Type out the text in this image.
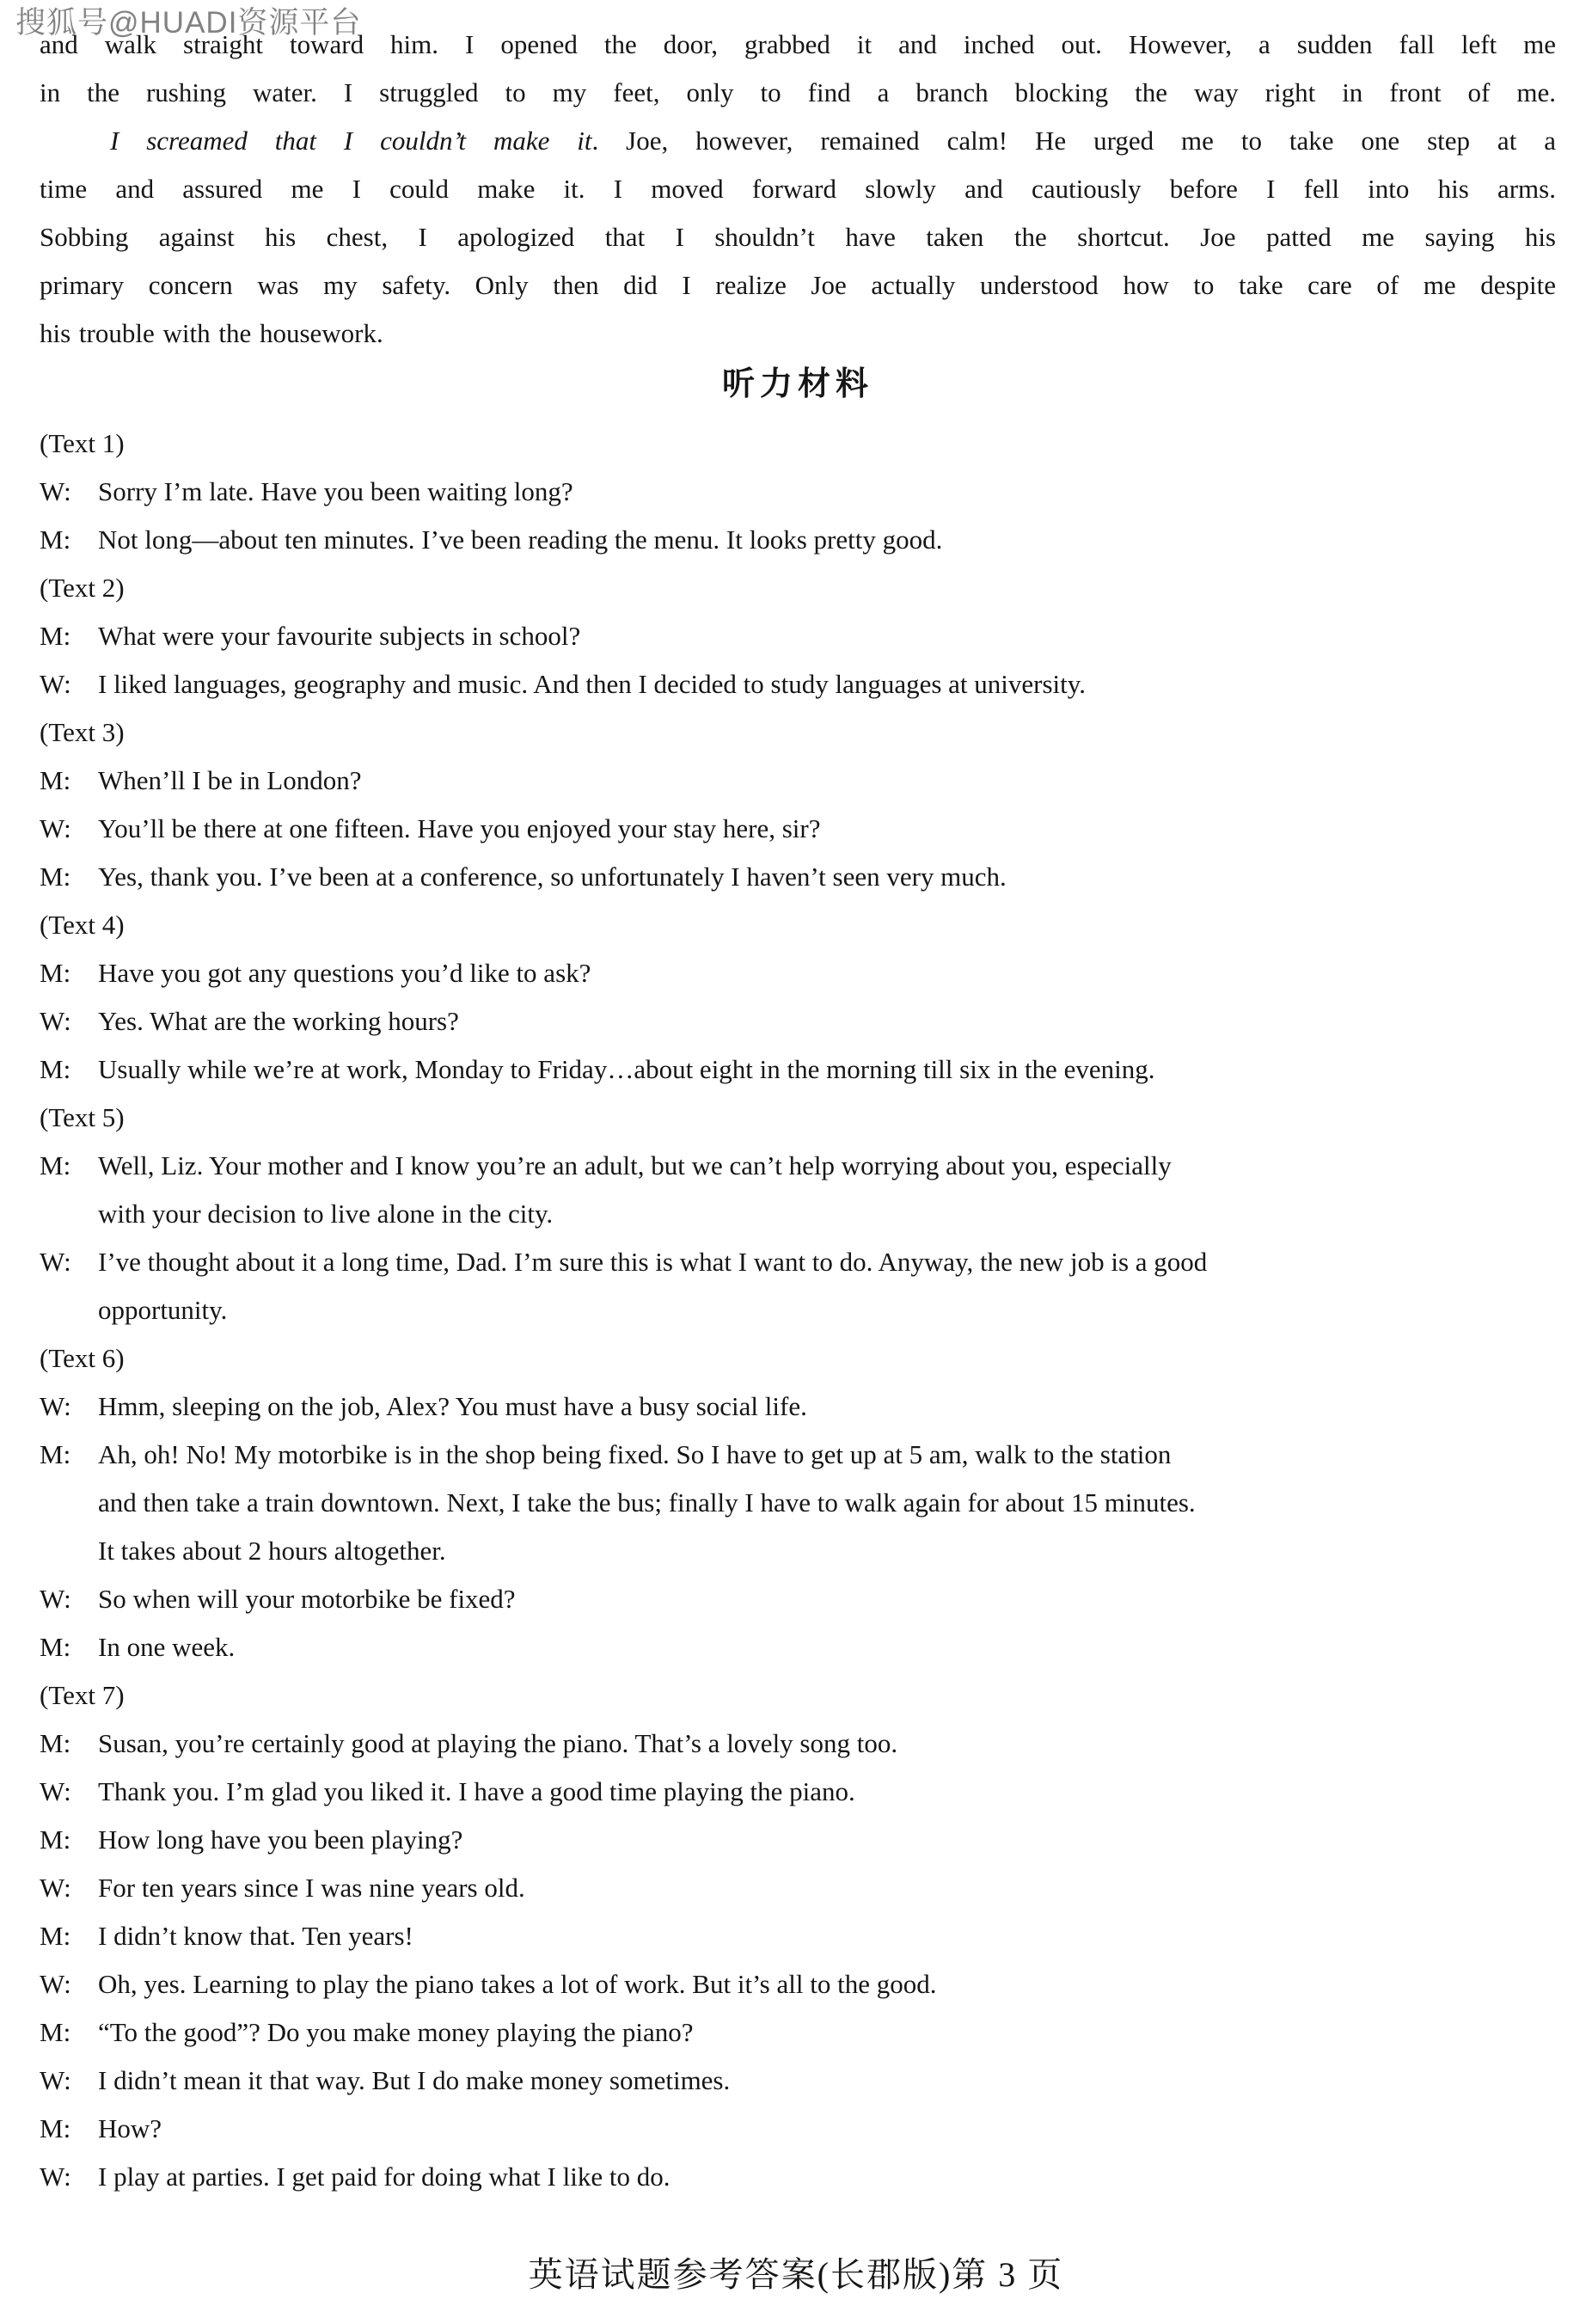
搜狐号@HUADI资源平台
and walk straight toward him. I opened the door, grabbed it and inched out. However, a sudden fall left me
in the rushing water. I struggled to my feet, only to find a branch blocking the way right in front of me.
I screamed that I couldn’t make it. Joe, however, remained calm! He urged me to take one step at a
time and assured me I could make it. I moved forward slowly and cautiously before I fell into his arms.
Sobbing against his chest, I apologized that I shouldn’t have taken the shortcut. Joe patted me saying his
primary concern was my safety. Only then did I realize Joe actually understood how to take care of me despite
his trouble with the housework.
听力材料
(Text 1)
W: Sorry I’m late. Have you been waiting long?
M: Not long—about ten minutes. I’ve been reading the menu. It looks pretty good.
(Text 2)
M: What were your favourite subjects in school?
W: I liked languages, geography and music. And then I decided to study languages at university.
(Text 3)
M: When’ll I be in London?
W: You’ll be there at one fifteen. Have you enjoyed your stay here, sir?
M: Yes, thank you. I’ve been at a conference, so unfortunately I haven’t seen very much.
(Text 4)
M: Have you got any questions you’d like to ask?
W: Yes. What are the working hours?
M: Usually while we’re at work, Monday to Friday…about eight in the morning till six in the evening.
(Text 5)
M: Well, Liz. Your mother and I know you’re an adult, but we can’t help worrying about you, especially
with your decision to live alone in the city.
W: I’ve thought about it a long time, Dad. I’m sure this is what I want to do. Anyway, the new job is a good
opportunity.
(Text 6)
W: Hmm, sleeping on the job, Alex? You must have a busy social life.
M: Ah, oh! No! My motorbike is in the shop being fixed. So I have to get up at 5 am, walk to the station
and then take a train downtown. Next, I take the bus; finally I have to walk again for about 15 minutes.
It takes about 2 hours altogether.
W: So when will your motorbike be fixed?
M: In one week.
(Text 7)
M: Susan, you’re certainly good at playing the piano. That’s a lovely song too.
W: Thank you. I’m glad you liked it. I have a good time playing the piano.
M: How long have you been playing?
W: For ten years since I was nine years old.
M: I didn’t know that. Ten years!
W: Oh, yes. Learning to play the piano takes a lot of work. But it’s all to the good.
M: “To the good”? Do you make money playing the piano?
W: I didn’t mean it that way. But I do make money sometimes.
M: How?
W: I play at parties. I get paid for doing what I like to do.
英语试题参考答案(长郡版)第 3 页
